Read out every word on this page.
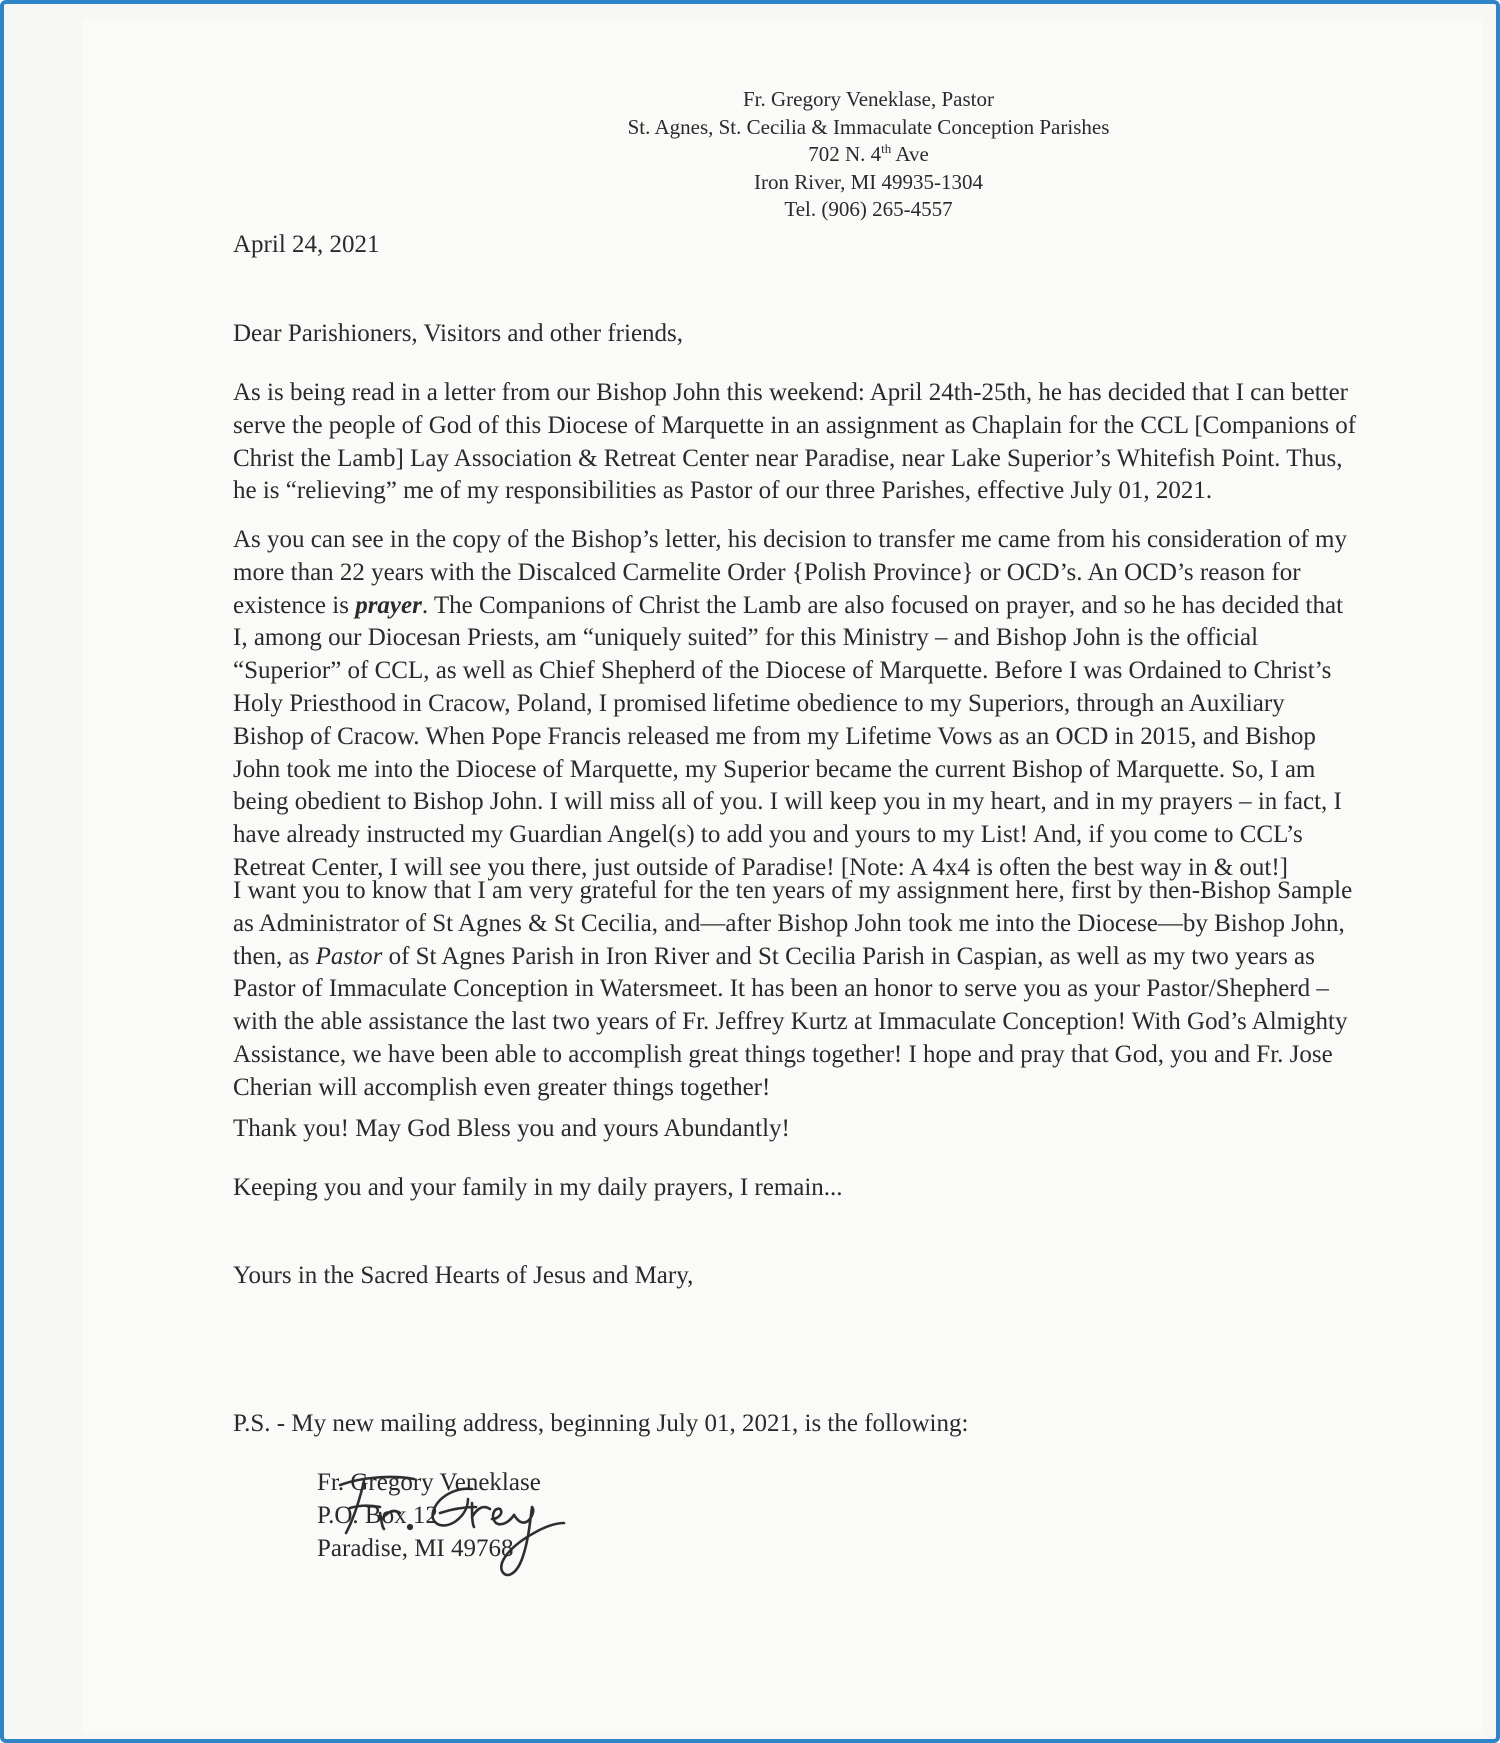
Fr. Gregory Veneklase, Pastor
St. Agnes, St. Cecilia & Immaculate Conception Parishes
702 N. 4th Ave
Iron River, MI 49935-1304
Tel. (906) 265-4557
April 24, 2021
Dear Parishioners, Visitors and other friends,
As is being read in a letter from our Bishop John this weekend: April 24th-25th, he has decided that I can better
serve the people of God of this Diocese of Marquette in an assignment as Chaplain for the CCL [Companions of
Christ the Lamb] Lay Association & Retreat Center near Paradise, near Lake Superior’s Whitefish Point. Thus,
he is “relieving” me of my responsibilities as Pastor of our three Parishes, effective July 01, 2021.
As you can see in the copy of the Bishop’s letter, his decision to transfer me came from his consideration of my
more than 22 years with the Discalced Carmelite Order {Polish Province} or OCD’s. An OCD’s reason for
existence is prayer. The Companions of Christ the Lamb are also focused on prayer, and so he has decided that
I, among our Diocesan Priests, am “uniquely suited” for this Ministry – and Bishop John is the official
“Superior” of CCL, as well as Chief Shepherd of the Diocese of Marquette. Before I was Ordained to Christ’s
Holy Priesthood in Cracow, Poland, I promised lifetime obedience to my Superiors, through an Auxiliary
Bishop of Cracow. When Pope Francis released me from my Lifetime Vows as an OCD in 2015, and Bishop
John took me into the Diocese of Marquette, my Superior became the current Bishop of Marquette. So, I am
being obedient to Bishop John. I will miss all of you. I will keep you in my heart, and in my prayers – in fact, I
have already instructed my Guardian Angel(s) to add you and yours to my List! And, if you come to CCL’s
Retreat Center, I will see you there, just outside of Paradise! [Note: A 4x4 is often the best way in & out!]
I want you to know that I am very grateful for the ten years of my assignment here, first by then-Bishop Sample
as Administrator of St Agnes & St Cecilia, and—after Bishop John took me into the Diocese—by Bishop John,
then, as Pastor of St Agnes Parish in Iron River and St Cecilia Parish in Caspian, as well as my two years as
Pastor of Immaculate Conception in Watersmeet. It has been an honor to serve you as your Pastor/Shepherd –
with the able assistance the last two years of Fr. Jeffrey Kurtz at Immaculate Conception! With God’s Almighty
Assistance, we have been able to accomplish great things together! I hope and pray that God, you and Fr. Jose
Cherian will accomplish even greater things together!
Thank you! May God Bless you and yours Abundantly!
Keeping you and your family in my daily prayers, I remain...
Yours in the Sacred Hearts of Jesus and Mary,
P.S. - My new mailing address, beginning July 01, 2021, is the following:
Fr. Gregory Veneklase
P.O. Box 12
Paradise, MI 49768
